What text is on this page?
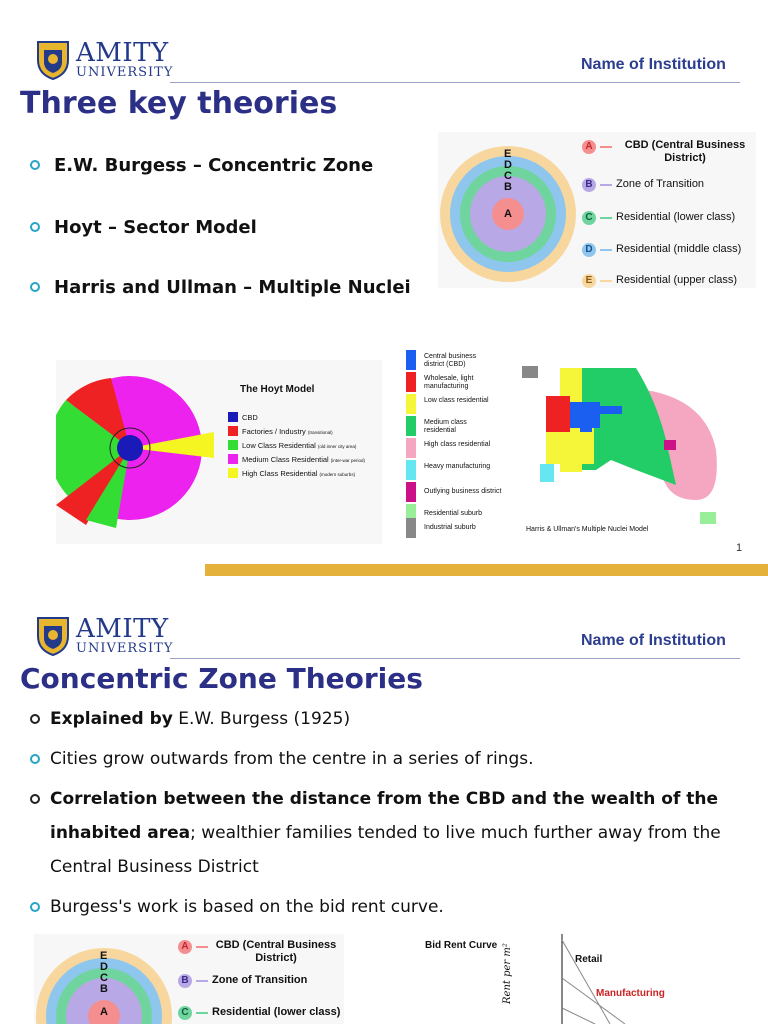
AMITY
UNIVERSITY	Name of Institution
Three key theories
E.W. Burgess – Concentric Zone
Hoyt – Sector Model
Harris and Ullman – Multiple Nuclei
E
D
C
B
A
A	CBD (Central Business District)
B	Zone of Transition
C	Residential (lower class)
D	Residential (middle class)
E	Residential (upper class)
The Hoyt Model
CBD
Factories / Industry (transitional)
Low Class Residential (old inner city area)
Medium Class Residential (inter-war period)
High Class Residential (modern suburbs)
Central business district (CBD)
Wholesale, light manufacturing
Low class residential
Medium class residential
High class residential
Heavy manufacturing
Outlying business district
Residential suburb
Industrial suburb	Harris & Ullman's Multiple Nuclei Model
1
AMITY
UNIVERSITY	Name of Institution
Concentric Zone Theories
Explained by E.W. Burgess (1925)
Cities grow outwards from the centre in a series of rings.
Correlation between the distance from the CBD and the wealth of the inhabited area; wealthier families tended to live much further away from the Central Business District
Burgess's work is based on the bid rent curve.
E
D
C
B
A
A	CBD (Central Business District)
B	Zone of Transition
C	Residential (lower class)
Bid Rent Curve Rent per m²	Retail
Manufacturing
